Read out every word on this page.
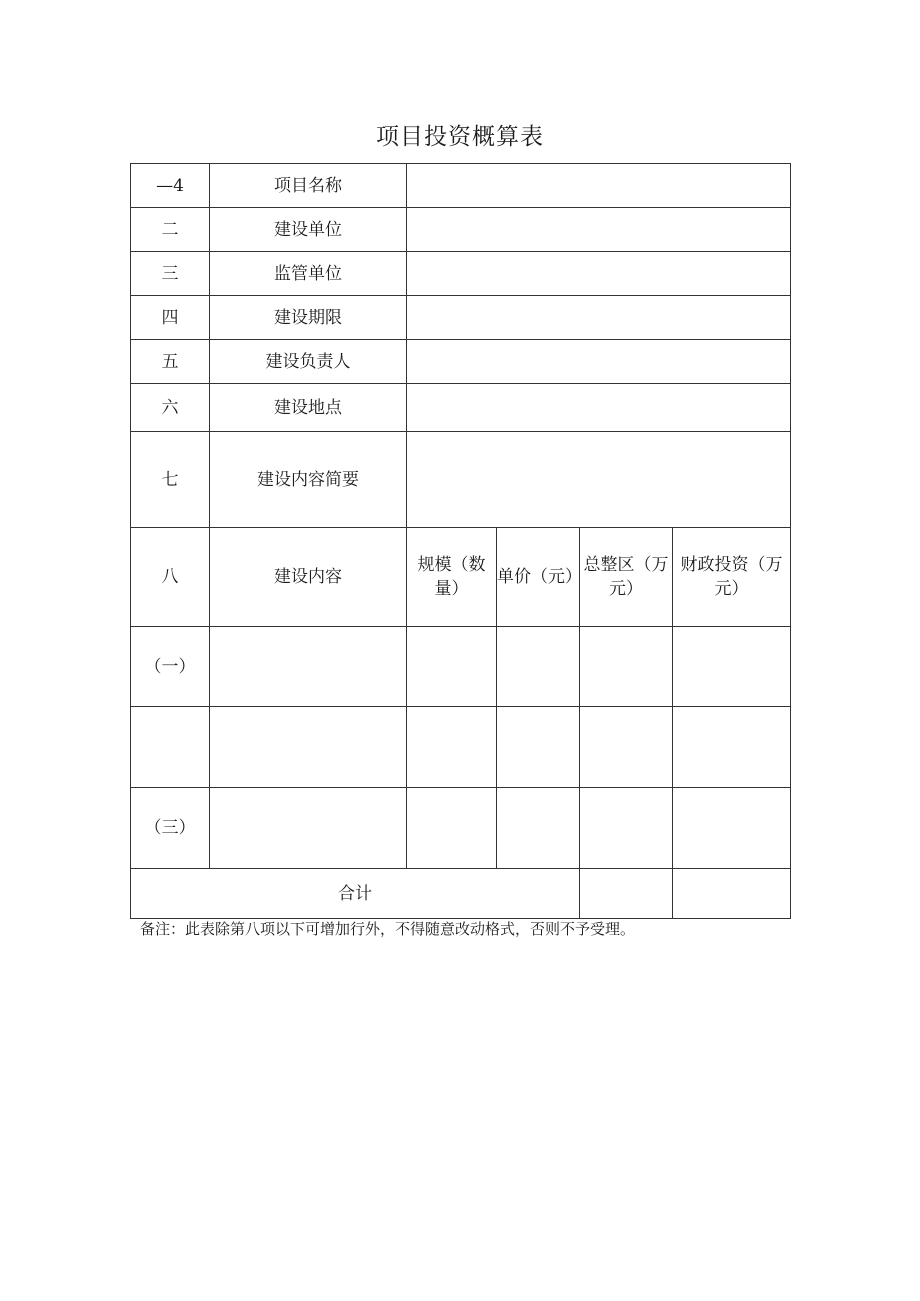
项目投资概算表
—4	项目名称				
二	建设单位				
三	监管单位				
四	建设期限				
五	建设负责人				
六	建设地点				
七	建设内容简要				
八	建设内容	规模（数量）	单价（元）	总整区（万元）	财政投资（万元）
（一）					

（三）					
合计					
备注：此表除第八项以下可增加行外，不得随意改动格式，否则不予受理。
